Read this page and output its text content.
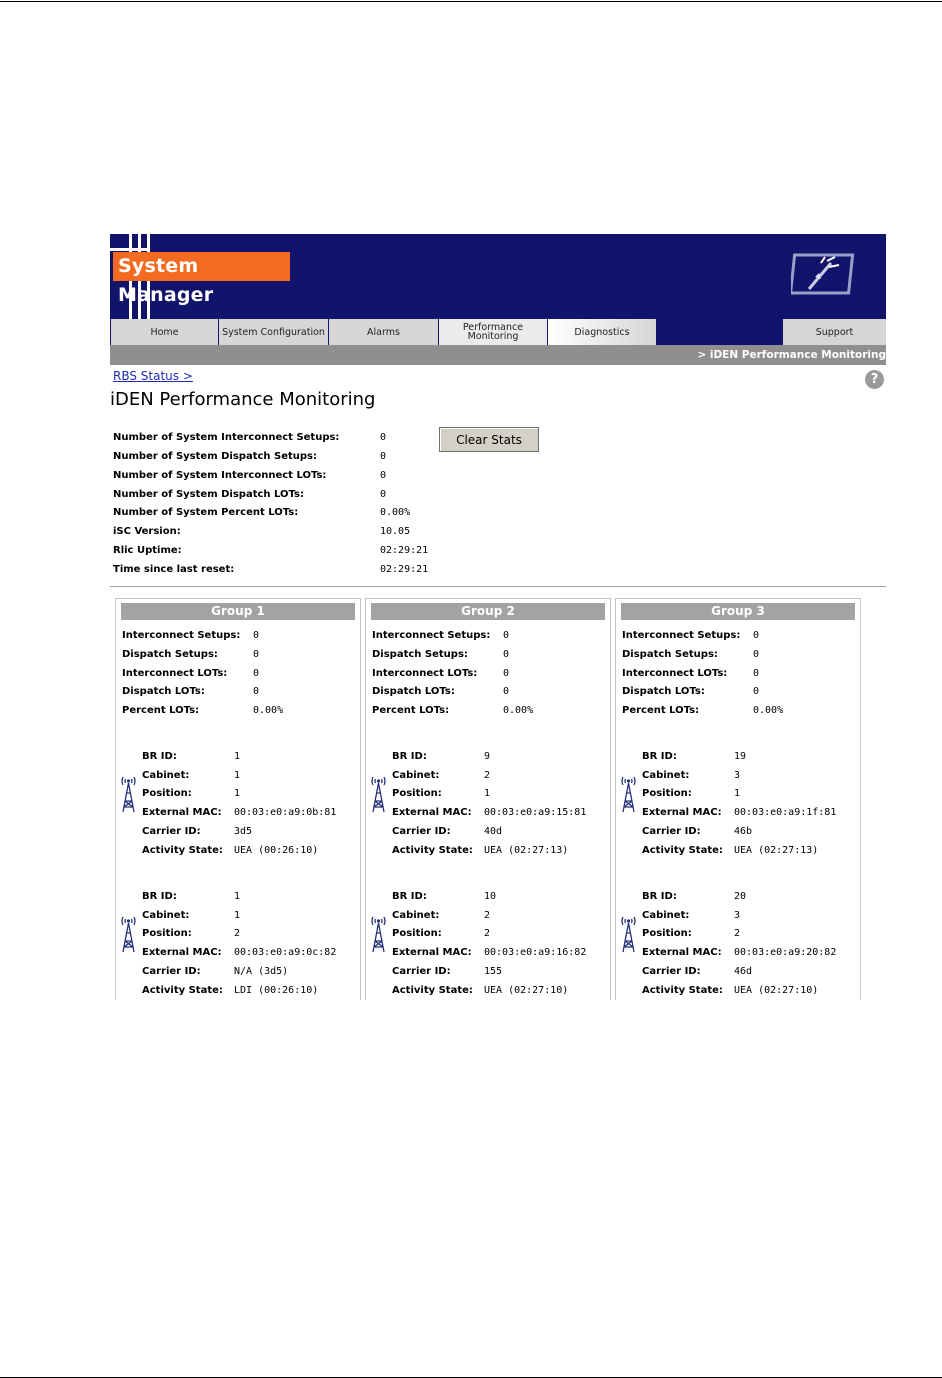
System Manager
Home	System Configuration	Alarms	Performance Monitoring	Diagnostics	Support
> iDEN Performance Monitoring
RBS Status >	?
iDEN Performance Monitoring
Number of System Interconnect Setups:	0
Number of System Dispatch Setups:	0
Number of System Interconnect LOTs:	0
Number of System Dispatch LOTs:	0
Number of System Percent LOTs:	0.00%
iSC Version:	10.05
Rlic Uptime:	02:29:21
Time since last reset:	02:29:21
Clear Stats
Group 1
Interconnect Setups: 0
Dispatch Setups:	0
Interconnect LOTs:	0
Dispatch LOTs:	0
Percent LOTs:	0.00%
BR ID:	1
Cabinet:	1
Position:	1
External MAC: 00:03:e0:a9:0b:81
Carrier ID:	3d5
Activity State: UEA (00:26:10)
BR ID:	1
Cabinet:	1
Position:	2
External MAC: 00:03:e0:a9:0c:82
Carrier ID:	N/A (3d5)
Activity State: LDI (00:26:10)
Group 2
Interconnect Setups: 0
Dispatch Setups:	0
Interconnect LOTs:	0
Dispatch LOTs:	0
Percent LOTs:	0.00%
BR ID:	9
Cabinet:	2
Position:	1
External MAC: 00:03:e0:a9:15:81
Carrier ID:	40d
Activity State: UEA (02:27:13)
BR ID:	10
Cabinet:	2
Position:	2
External MAC: 00:03:e0:a9:16:82
Carrier ID:	155
Activity State: UEA (02:27:10)
Group 3
Interconnect Setups: 0
Dispatch Setups:	0
Interconnect LOTs:	0
Dispatch LOTs:	0
Percent LOTs:	0.00%
BR ID:	19
Cabinet:	3
Position:	1
External MAC: 00:03:e0:a9:1f:81
Carrier ID:	46b
Activity State: UEA (02:27:13)
BR ID:	20
Cabinet:	3
Position:	2
External MAC: 00:03:e0:a9:20:82
Carrier ID:	46d
Activity State: UEA (02:27:10)
